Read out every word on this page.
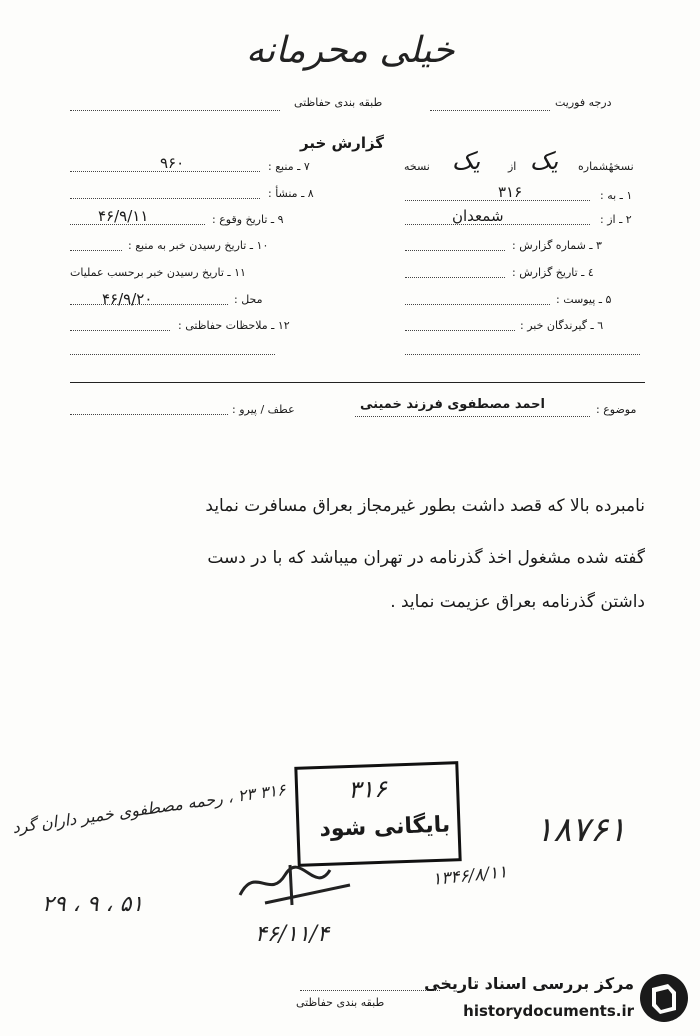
خیلی محرمانه
طبقه بندی حفاظتی	درجه فوریت
گزارش خبر
نسخهٔشماره
یک
از
یک
نسخه
۱ ـ به :
۳۱۶
۲ ـ از :
شمعدان
۳ ـ شماره گزارش :
٤ ـ تاریخ گزارش :
۵ ـ پیوست :
٦ ـ گیرندگان خبر :
۷ ـ منبع :
۹۶۰
۸ ـ منشأ :
۹ ـ تاریخ وقوع :
۴۶/۹/۱۱
۱۰ ـ تاریخ رسیدن خبر به منبع :
۱۱ ـ تاریخ رسیدن خبر برحسب عملیات
محل :
۴۶/۹/۲۰
۱۲ ـ ملاحظات حفاظتی :
موضوع :
احمد مصطفوی فرزند خمینی
عطف / پیرو :
نامبرده بالا که قصد داشت بطور غیرمجاز بعراق مسافرت نماید
گفته شده مشغول اخذ گذرنامه در تهران میباشد که با در دست
داشتن گذرنامه بعراق عزیمت نماید .
۳۱۶ ۲۳ ، رحمه مصطفوی خمیر داران گرد
۲۹ ، ۹ ، ۵۱
۱۸۷۶۱
۱۳۴۶/۸/۱۱
۴۶/۱۱/۴
۳۱۶
بایگانی شود
طبقه بندی حفاظتی
مرکز بررسی اسناد تاریخی
historydocuments.ir
